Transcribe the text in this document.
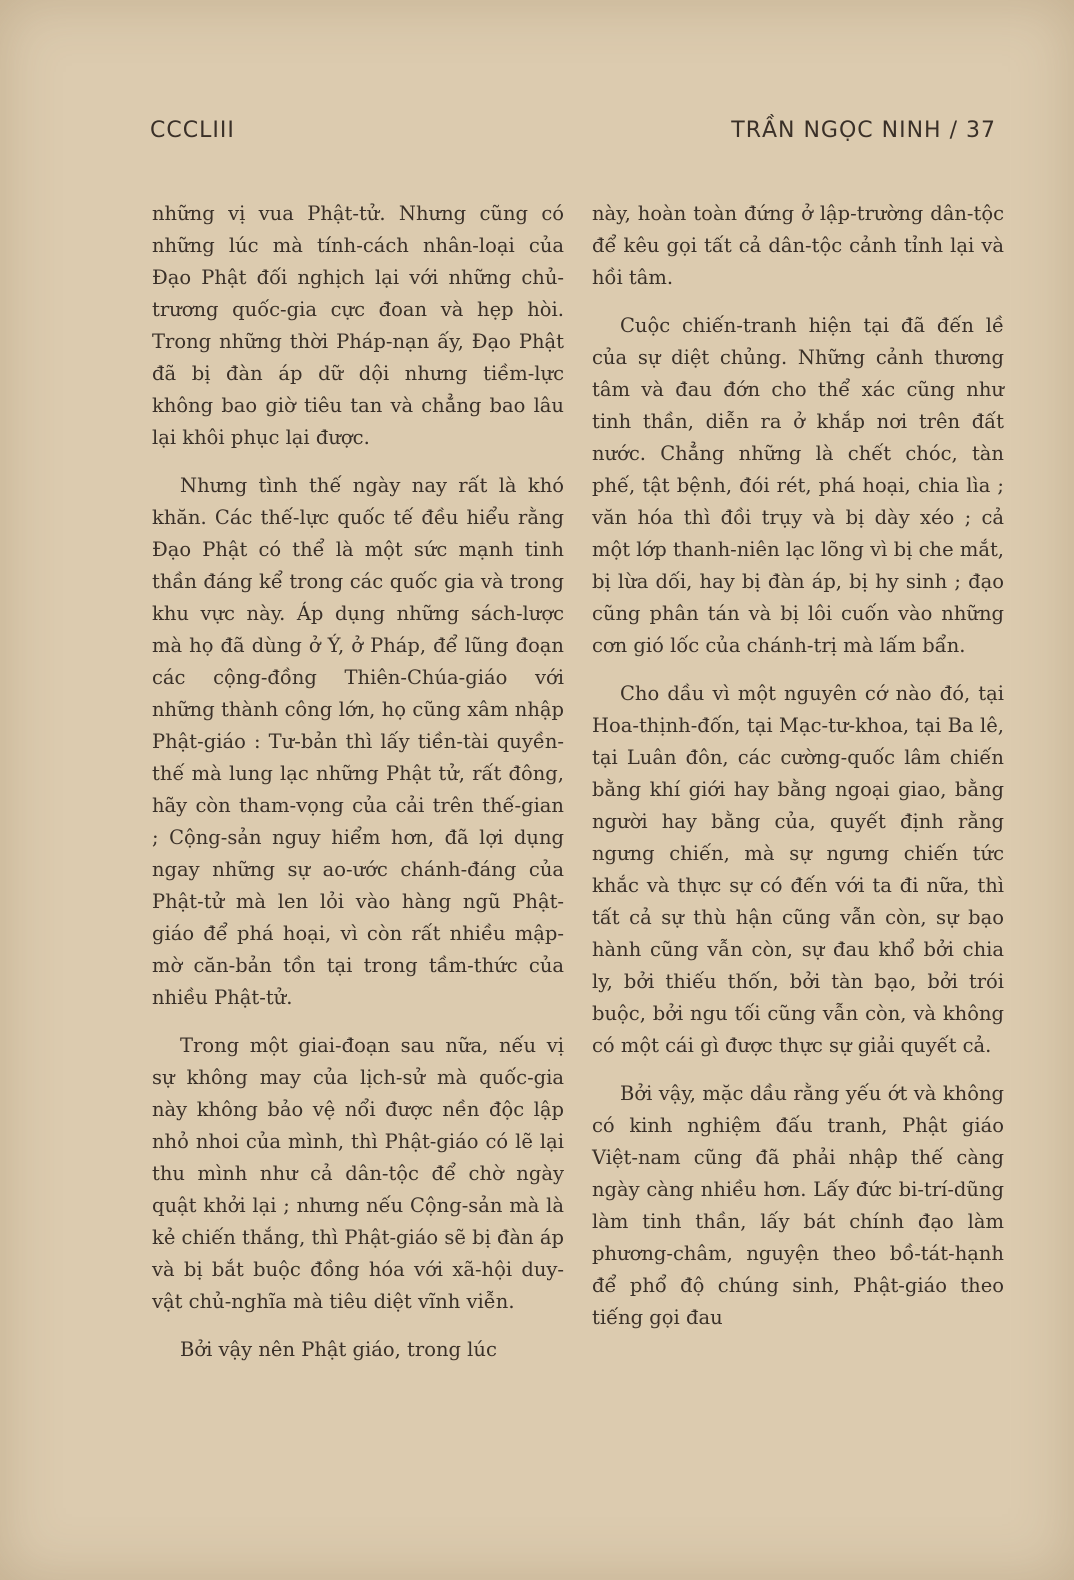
CCCLIII	TRẦN NGỌC NINH / 37

những vị vua Phật-tử. Nhưng cũng có những lúc mà tính-cách nhân-loại của Đạo Phật đối nghịch lại với những chủ-trương quốc-gia cực đoan và hẹp hòi. Trong những thời Pháp-nạn ấy, Đạo Phật đã bị đàn áp dữ dội nhưng tiềm-lực không bao giờ tiêu tan và chẳng bao lâu lại khôi phục lại được.

Nhưng tình thế ngày nay rất là khó khăn. Các thế-lực quốc tế đều hiểu rằng Đạo Phật có thể là một sức mạnh tinh thần đáng kể trong các quốc gia và trong khu vực này. Áp dụng những sách-lược mà họ đã dùng ở Ý, ở Pháp, để lũng đoạn các cộng-đồng Thiên-Chúa-giáo với những thành công lớn, họ cũng xâm nhập Phật-giáo : Tư-bản thì lấy tiền-tài quyền-thế mà lung lạc những Phật tử, rất đông, hãy còn tham-vọng của cải trên thế-gian ; Cộng-sản nguy hiểm hơn, đã lợi dụng ngay những sự ao-ước chánh-đáng của Phật-tử mà len lỏi vào hàng ngũ Phật-giáo để phá hoại, vì còn rất nhiều mập-mờ căn-bản tồn tại trong tầm-thức của nhiều Phật-tử.

Trong một giai-đoạn sau nữa, nếu vị sự không may của lịch-sử mà quốc-gia này không bảo vệ nổi được nền độc lập nhỏ nhoi của mình, thì Phật-giáo có lẽ lại thu mình như cả dân-tộc để chờ ngày quật khởi lại ; nhưng nếu Cộng-sản mà là kẻ chiến thắng, thì Phật-giáo sẽ bị đàn áp và bị bắt buộc đồng hóa với xã-hội duy-vật chủ-nghĩa mà tiêu diệt vĩnh viễn.

Bởi vậy nên Phật giáo, trong lúc

này, hoàn toàn đứng ở lập-trường dân-tộc để kêu gọi tất cả dân-tộc cảnh tỉnh lại và hồi tâm.

Cuộc chiến-tranh hiện tại đã đến lề của sự diệt chủng. Những cảnh thương tâm và đau đớn cho thể xác cũng như tinh thần, diễn ra ở khắp nơi trên đất nước. Chẳng những là chết chóc, tàn phế, tật bệnh, đói rét, phá hoại, chia lìa ; văn hóa thì đồi trụy và bị dày xéo ; cả một lớp thanh-niên lạc lõng vì bị che mắt, bị lừa dối, hay bị đàn áp, bị hy sinh ; đạo cũng phân tán và bị lôi cuốn vào những cơn gió lốc của chánh-trị mà lấm bẩn.

Cho dầu vì một nguyên cớ nào đó, tại Hoa-thịnh-đốn, tại Mạc-tư-khoa, tại Ba lê, tại Luân đôn, các cường-quốc lâm chiến bằng khí giới hay bằng ngoại giao, bằng người hay bằng của, quyết định rằng ngưng chiến, mà sự ngưng chiến tức khắc và thực sự có đến với ta đi nữa, thì tất cả sự thù hận cũng vẫn còn, sự bạo hành cũng vẫn còn, sự đau khổ bởi chia ly, bởi thiếu thốn, bởi tàn bạo, bởi trói buộc, bởi ngu tối cũng vẫn còn, và không có một cái gì được thực sự giải quyết cả.

Bởi vậy, mặc dầu rằng yếu ớt và không có kinh nghiệm đấu tranh, Phật giáo Việt-nam cũng đã phải nhập thế càng ngày càng nhiều hơn. Lấy đức bi-trí-dũng làm tinh thần, lấy bát chính đạo làm phương-châm, nguyện theo bồ-tát-hạnh để phổ độ chúng sinh, Phật-giáo theo tiếng gọi đau
